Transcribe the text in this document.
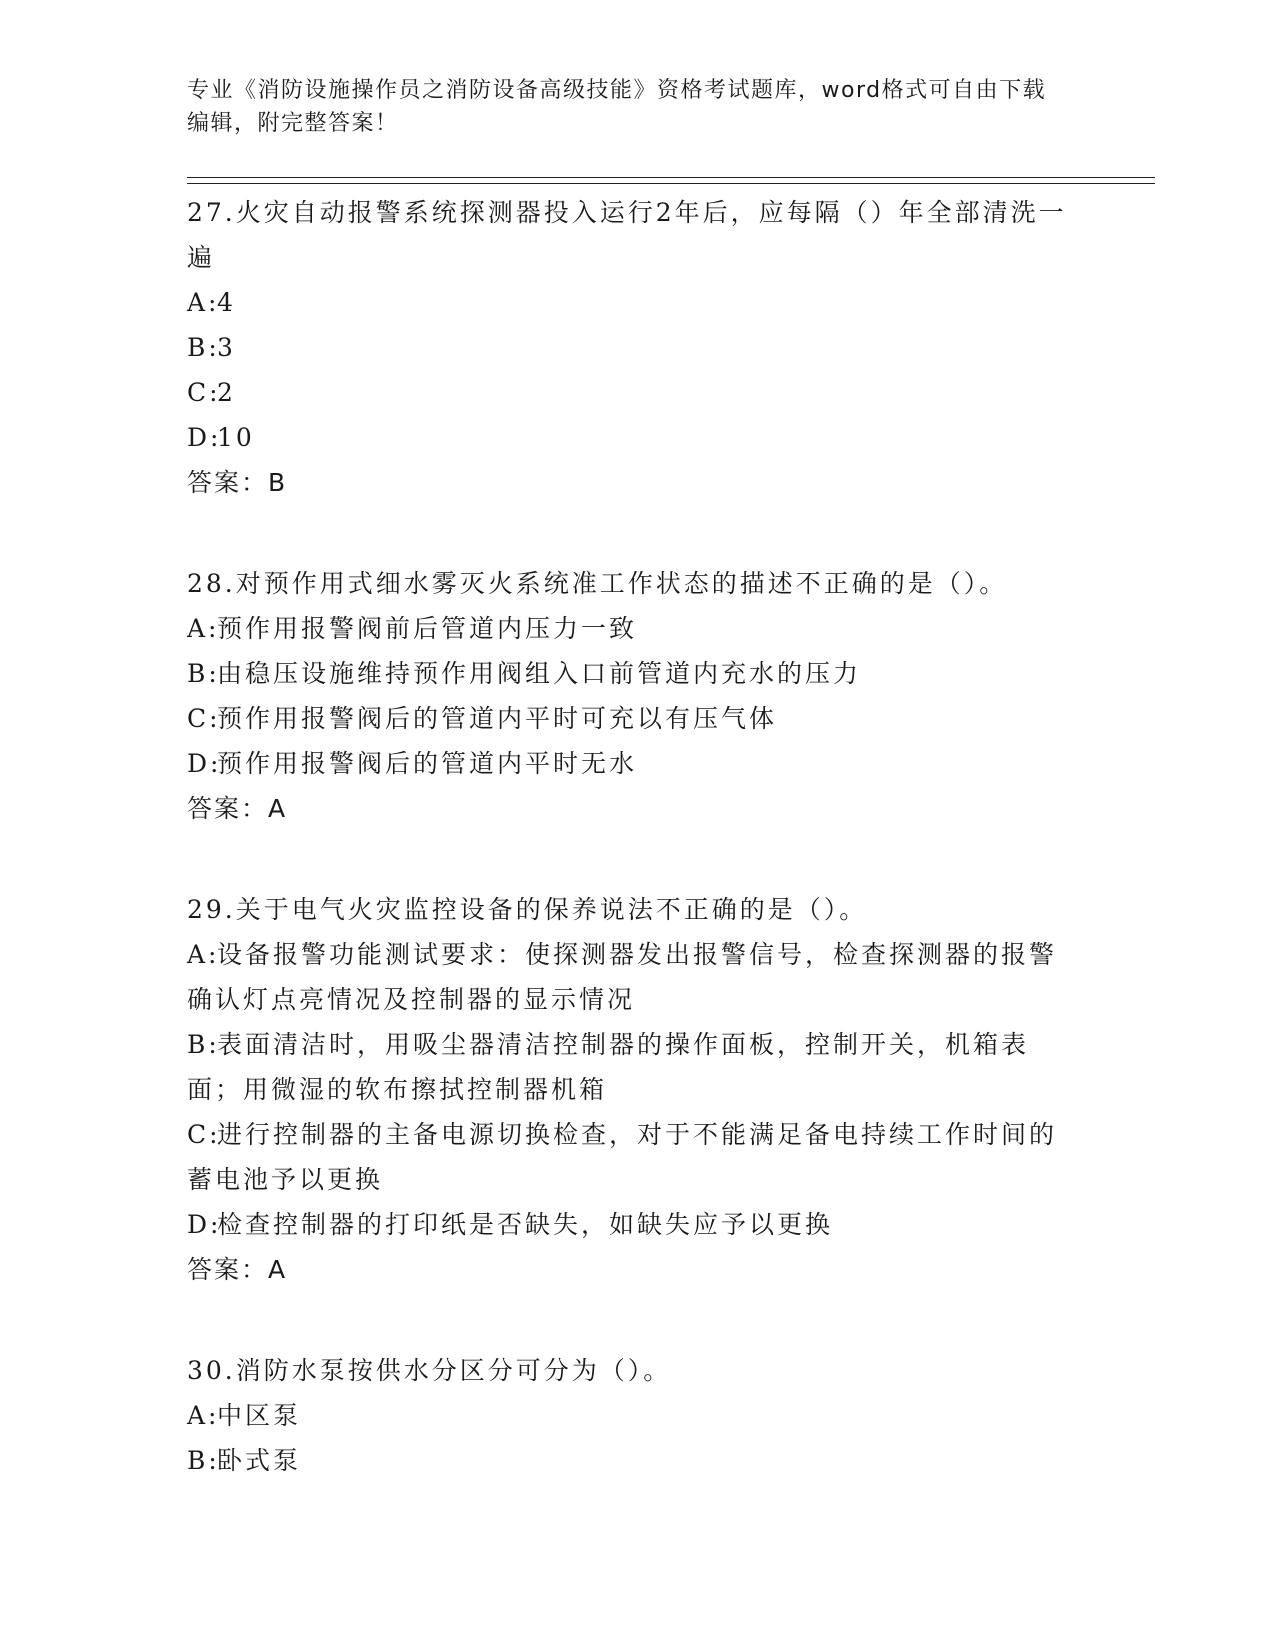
专业《消防设施操作员之消防设备高级技能》资格考试题库，word格式可自由下载编辑，附完整答案！

27.火灾自动报警系统探测器投入运行2年后，应每隔（）年全部清洗一遍

A:4

B:3

C:2

D:10

答案：B

28.对预作用式细水雾灭火系统准工作状态的描述不正确的是（）。

A:预作用报警阀前后管道内压力一致

B:由稳压设施维持预作用阀组入口前管道内充水的压力

C:预作用报警阀后的管道内平时可充以有压气体

D:预作用报警阀后的管道内平时无水

答案：A

29.关于电气火灾监控设备的保养说法不正确的是（）。

A:设备报警功能测试要求：使探测器发出报警信号，检查探测器的报警确认灯点亮情况及控制器的显示情况

B:表面清洁时，用吸尘器清洁控制器的操作面板，控制开关，机箱表面；用微湿的软布擦拭控制器机箱

C:进行控制器的主备电源切换检查，对于不能满足备电持续工作时间的蓄电池予以更换

D:检查控制器的打印纸是否缺失，如缺失应予以更换

答案：A

30.消防水泵按供水分区分可分为（）。

A:中区泵

B:卧式泵
